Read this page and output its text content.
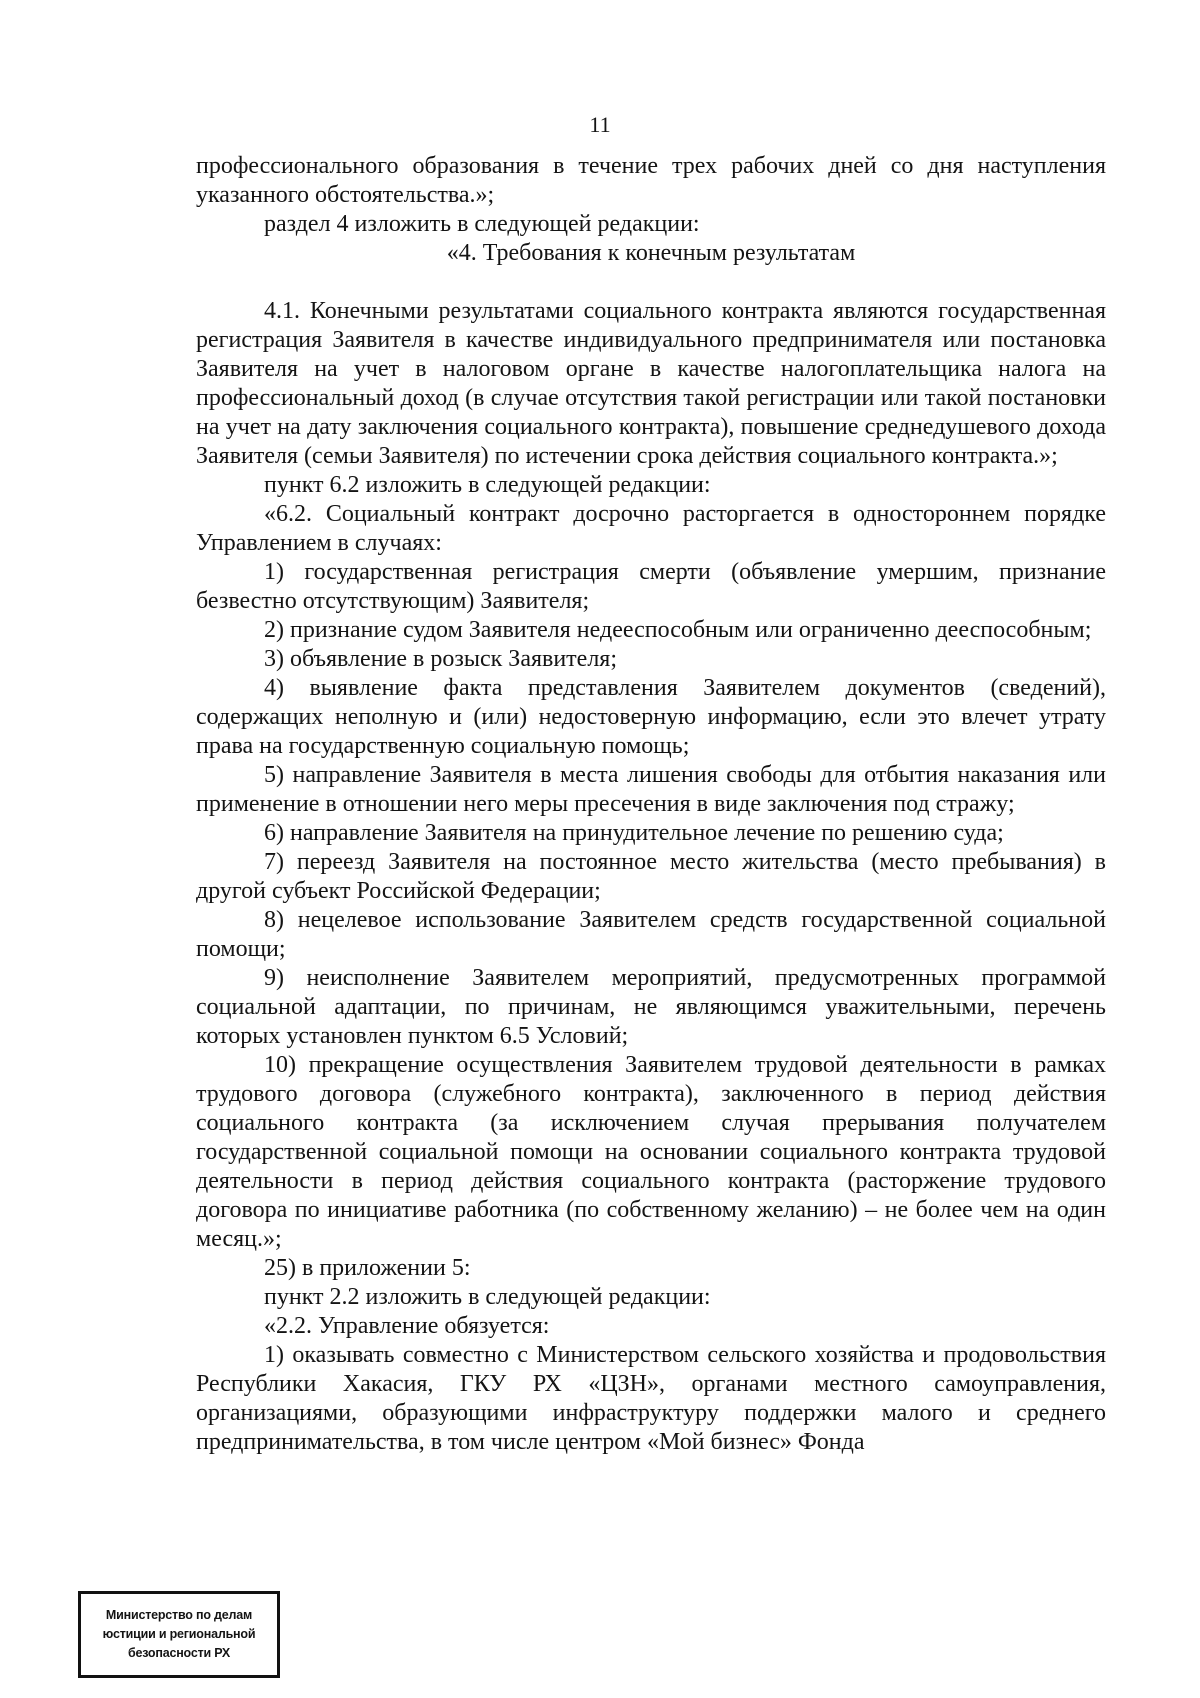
11

профессионального образования в течение трех рабочих дней со дня наступления указанного обстоятельства.»;

раздел 4 изложить в следующей редакции:

«4. Требования к конечным результатам

4.1. Конечными результатами социального контракта являются государственная регистрация Заявителя в качестве индивидуального предпринимателя или постановка Заявителя на учет в налоговом органе в качестве налогоплательщика налога на профессиональный доход (в случае отсутствия такой регистрации или такой постановки на учет на дату заключения социального контракта), повышение среднедушевого дохода Заявителя (семьи Заявителя) по истечении срока действия социального контракта.»;

пункт 6.2 изложить в следующей редакции:

«6.2. Социальный контракт досрочно расторгается в одностороннем порядке Управлением в случаях:

1) государственная регистрация смерти (объявление умершим, признание безвестно отсутствующим) Заявителя;

2) признание судом Заявителя недееспособным или ограниченно дееспособным;

3) объявление в розыск Заявителя;

4) выявление факта представления Заявителем документов (сведений), содержащих неполную и (или) недостоверную информацию, если это влечет утрату права на государственную социальную помощь;

5) направление Заявителя в места лишения свободы для отбытия наказания или применение в отношении него меры пресечения в виде заключения под стражу;

6) направление Заявителя на принудительное лечение по решению суда;

7) переезд Заявителя на постоянное место жительства (место пребывания) в другой субъект Российской Федерации;

8) нецелевое использование Заявителем средств государственной социальной помощи;

9) неисполнение Заявителем мероприятий, предусмотренных программой социальной адаптации, по причинам, не являющимся уважительными, перечень которых установлен пунктом 6.5 Условий;

10) прекращение осуществления Заявителем трудовой деятельности в рамках трудового договора (служебного контракта), заключенного в период действия социального контракта (за исключением случая прерывания получателем государственной социальной помощи на основании социального контракта трудовой деятельности в период действия социального контракта (расторжение трудового договора по инициативе работника (по собственному желанию) – не более чем на один месяц.»;

25) в приложении 5:

пункт 2.2 изложить в следующей редакции:

«2.2. Управление обязуется:

1) оказывать совместно с Министерством сельского хозяйства и продовольствия Республики Хакасия, ГКУ РХ «ЦЗН», органами местного самоуправления, организациями, образующими инфраструктуру поддержки малого и среднего предпринимательства, в том числе центром «Мой бизнес» Фонда

Министерство по делам
юстиции и региональной
безопасности РХ
